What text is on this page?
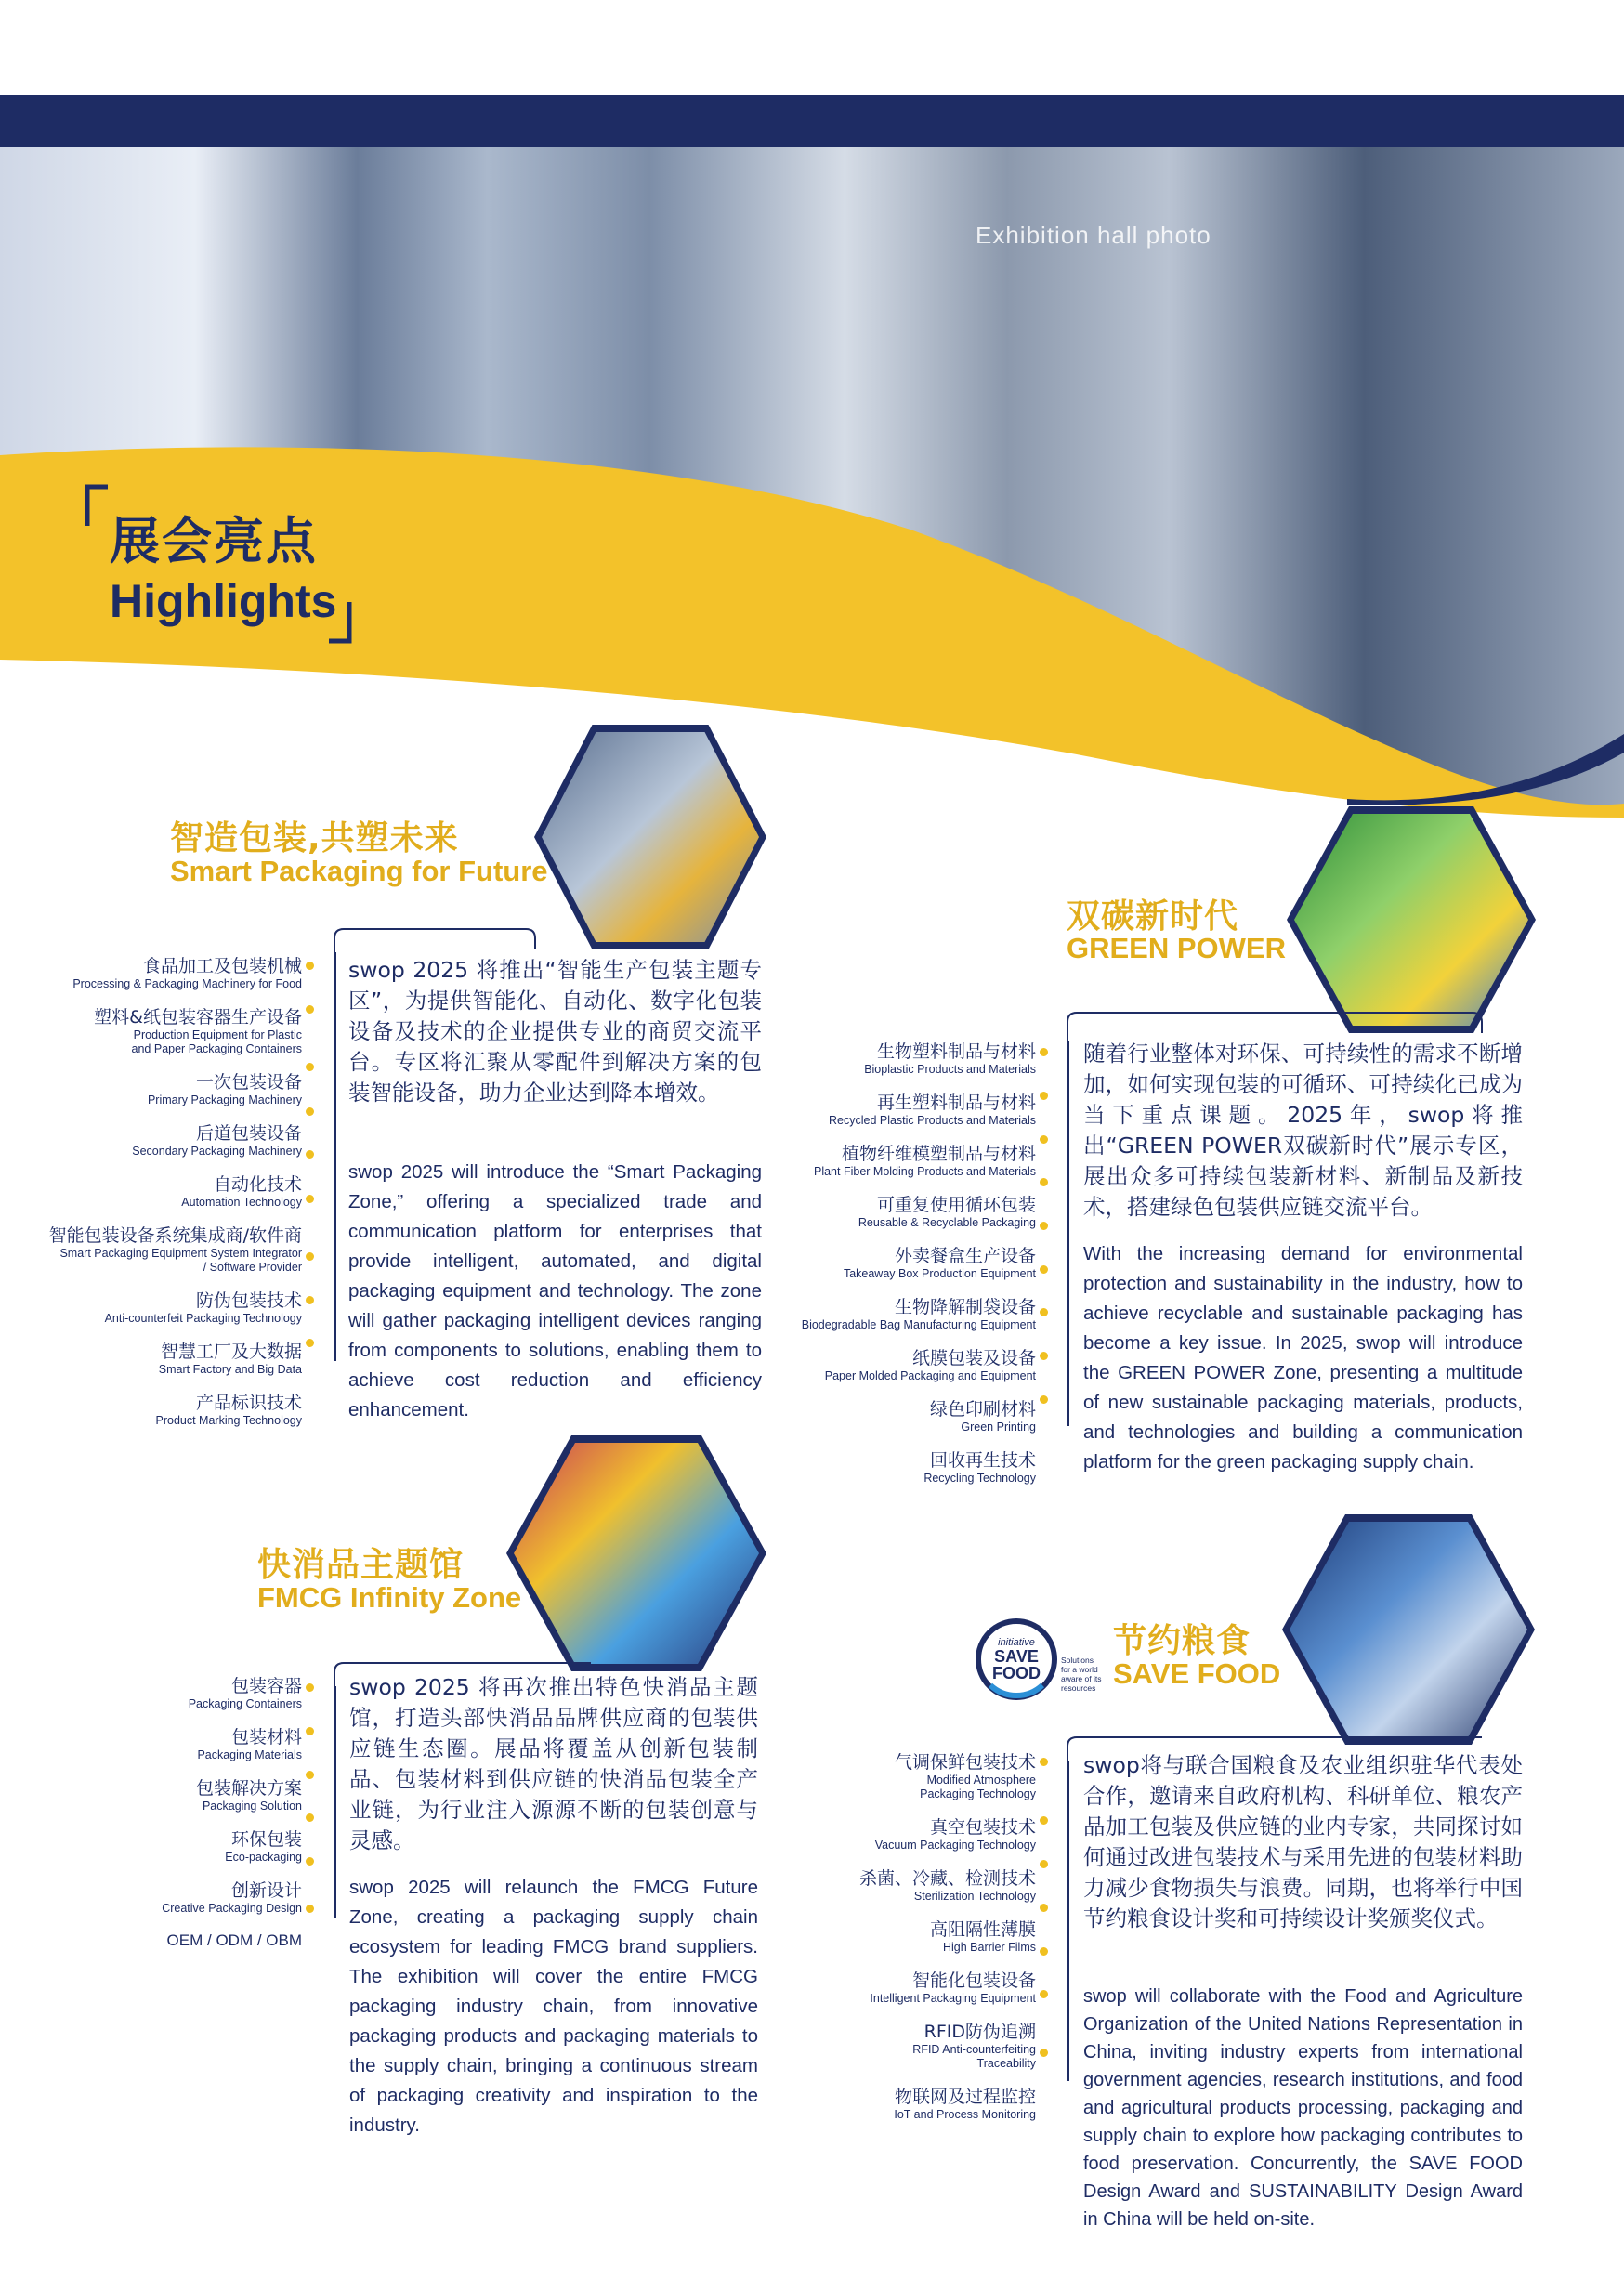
Exhibition hall photo
展会亮点
Highlights
智造包装,共塑未来
Smart Packaging for Future
食品加工及包装机械
Processing & Packaging Machinery for Food
塑料&纸包装容器生产设备
Production Equipment for Plastic
and Paper Packaging Containers
一次包装设备
Primary Packaging Machinery
后道包装设备
Secondary Packaging Machinery
自动化技术
Automation Technology
智能包装设备系统集成商/软件商
Smart Packaging Equipment System Integrator
/ Software Provider
防伪包装技术
Anti-counterfeit Packaging Technology
智慧工厂及大数据
Smart Factory and Big Data
产品标识技术
Product Marking Technology
swop 2025 将推出“智能生产包装主题专区”，为提供智能化、自动化、数字化包装设备及技术的企业提供专业的商贸交流平台。专区将汇聚从零配件到解决方案的包装智能设备，助力企业达到降本增效。
swop 2025 will introduce the “Smart Packaging Zone,” offering a specialized trade and communication platform for enterprises that provide intelligent, automated, and digital packaging equipment and technology. The zone will gather packaging intelligent devices ranging from components to solutions, enabling them to achieve cost reduction and efficiency enhancement.
双碳新时代
GREEN POWER
生物塑料制品与材料
Bioplastic Products and Materials
再生塑料制品与材料
Recycled Plastic Products and Materials
植物纤维模塑制品与材料
Plant Fiber Molding Products and Materials
可重复使用循环包装
Reusable & Recyclable Packaging
外卖餐盒生产设备
Takeaway Box Production Equipment
生物降解制袋设备
Biodegradable Bag Manufacturing Equipment
纸膜包装及设备
Paper Molded Packaging and Equipment
绿色印刷材料
Green Printing
回收再生技术
Recycling Technology
随着行业整体对环保、可持续性的需求不断增加，如何实现包装的可循环、可持续化已成为当下重点课题。2025年，swop将推出“GREEN POWER双碳新时代”展示专区，展出众多可持续包装新材料、新制品及新技术，搭建绿色包装供应链交流平台。
With the increasing demand for environmental protection and sustainability in the industry, how to achieve recyclable and sustainable packaging has become a key issue. In 2025, swop will introduce the GREEN POWER Zone, presenting a multitude of new sustainable packaging materials, products, and technologies and building a communication platform for the green packaging supply chain.
快消品主题馆
FMCG Infinity Zone
包装容器
Packaging Containers
包装材料
Packaging Materials
包装解决方案
Packaging Solution
环保包装
Eco-packaging
创新设计
Creative Packaging Design
OEM / ODM / OBM
swop 2025 将再次推出特色快消品主题馆，打造头部快消品品牌供应商的包装供应链生态圈。展品将覆盖从创新包装制品、包装材料到供应链的快消品包装全产业链，为行业注入源源不断的包装创意与灵感。
swop 2025 will relaunch the FMCG Future Zone, creating a packaging supply chain ecosystem for leading FMCG brand suppliers. The exhibition will cover the entire FMCG packaging industry chain, from innovative packaging products and packaging materials to the supply chain, bringing a continuous stream of packaging creativity and inspiration to the industry.
initiative
SAVE
FOOD
Solutions
for a world
aware of its
resources
节约粮食
SAVE FOOD
气调保鲜包装技术
Modified Atmosphere
Packaging Technology
真空包装技术
Vacuum Packaging Technology
杀菌、冷藏、检测技术
Sterilization Technology
高阻隔性薄膜
High Barrier Films
智能化包装设备
Intelligent Packaging Equipment
RFID防伪追溯
RFID Anti-counterfeiting
Traceability
物联网及过程监控
IoT and Process Monitoring
swop将与联合国粮食及农业组织驻华代表处合作，邀请来自政府机构、科研单位、粮农产品加工包装及供应链的业内专家，共同探讨如何通过改进包装技术与采用先进的包装材料助力减少食物损失与浪费。同期，也将举行中国节约粮食设计奖和可持续设计奖颁奖仪式。
swop will collaborate with the Food and Agriculture Organization of the United Nations Representation in China, inviting industry experts from international government agencies, research institutions, and food and agricultural products processing, packaging and supply chain to explore how packaging contributes to food preservation. Concurrently, the SAVE FOOD Design Award and SUSTAINABILITY Design Award in China will be held on-site.
